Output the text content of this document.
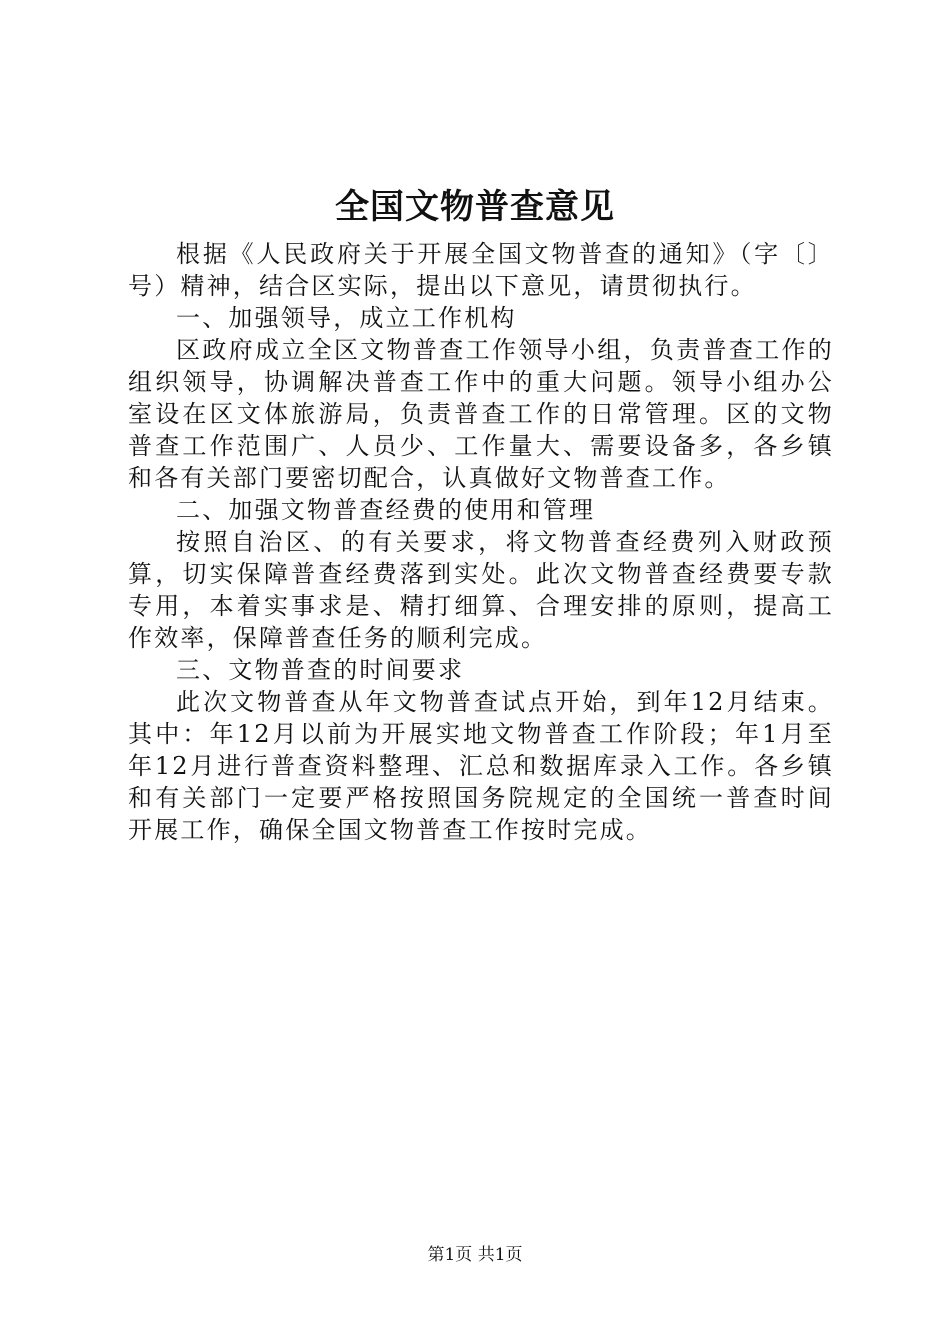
全国文物普查意见

根据《人民政府关于开展全国文物普查的通知》（字〔〕号）精神，结合区实际，提出以下意见，请贯彻执行。

一、加强领导，成立工作机构

区政府成立全区文物普查工作领导小组，负责普查工作的组织领导，协调解决普查工作中的重大问题。领导小组办公室设在区文体旅游局，负责普查工作的日常管理。区的文物普查工作范围广、人员少、工作量大、需要设备多，各乡镇和各有关部门要密切配合，认真做好文物普查工作。

二、加强文物普查经费的使用和管理

按照自治区、的有关要求，将文物普查经费列入财政预算，切实保障普查经费落到实处。此次文物普查经费要专款专用，本着实事求是、精打细算、合理安排的原则，提高工作效率，保障普查任务的顺利完成。

三、文物普查的时间要求

此次文物普查从年文物普查试点开始，到年12月结束。其中：年12月以前为开展实地文物普查工作阶段；年1月至年12月进行普查资料整理、汇总和数据库录入工作。各乡镇和有关部门一定要严格按照国务院规定的全国统一普查时间开展工作，确保全国文物普查工作按时完成。

第1页 共1页
